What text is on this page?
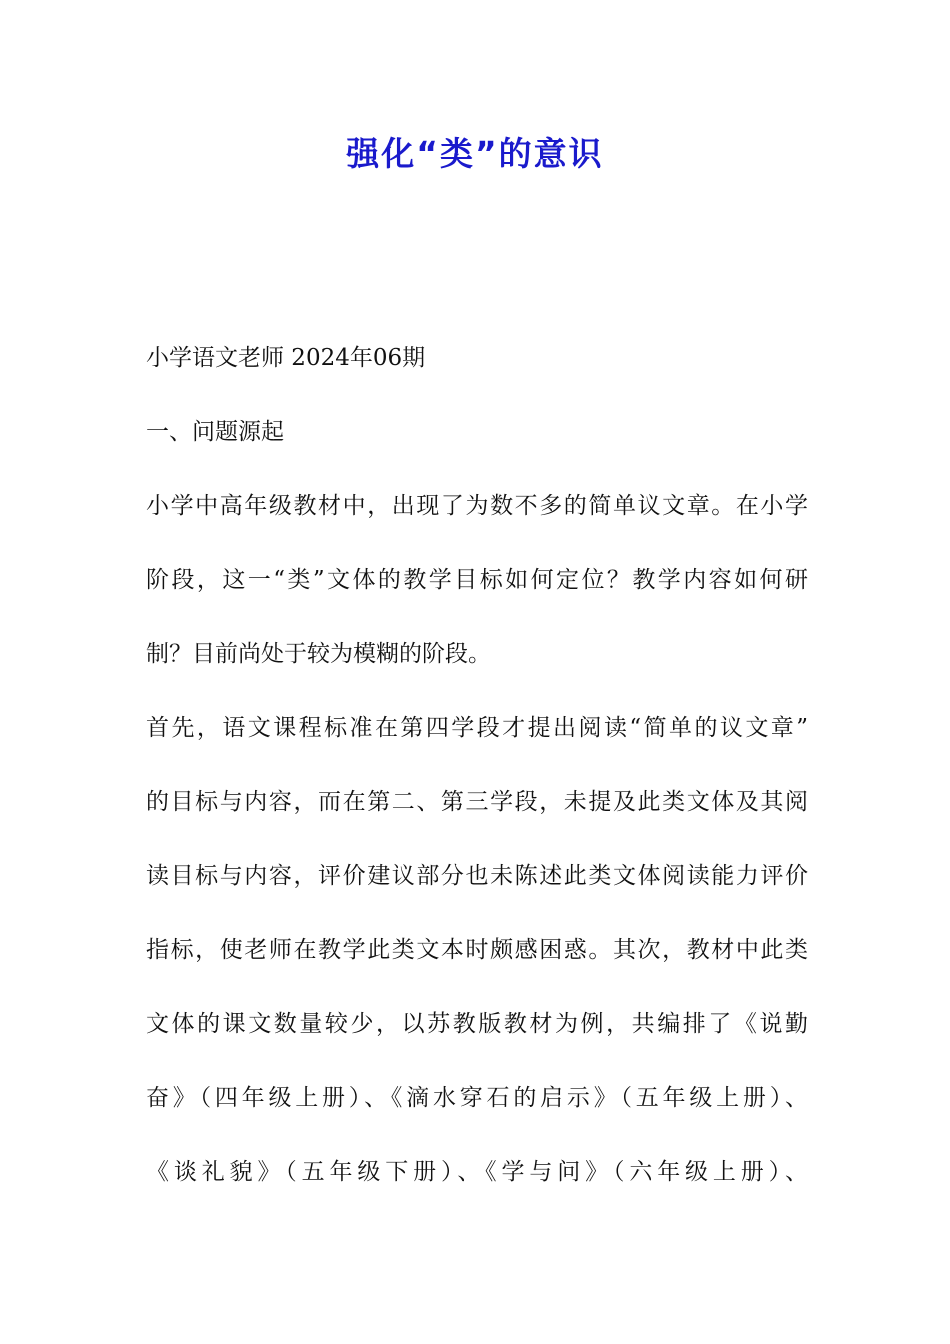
强化“类”的意识
小学语文老师 2024年06期
一、问题源起
小学中高年级教材中，出现了为数不多的简单议文章。在小学
阶段，这一“类”文体的教学目标如何定位？教学内容如何研
制？目前尚处于较为模糊的阶段。
首先，语文课程标准在第四学段才提出阅读“简单的议文章”
的目标与内容，而在第二、第三学段，未提及此类文体及其阅
读目标与内容，评价建议部分也未陈述此类文体阅读能力评价
指标，使老师在教学此类文本时颇感困惑。其次，教材中此类
文体的课文数量较少，以苏教版教材为例，共编排了《说勤
奋》（四年级上册）、《滴水穿石的启示》（五年级上册）、
《谈礼貌》（五年级下册）、《学与问》（六年级上册）、
